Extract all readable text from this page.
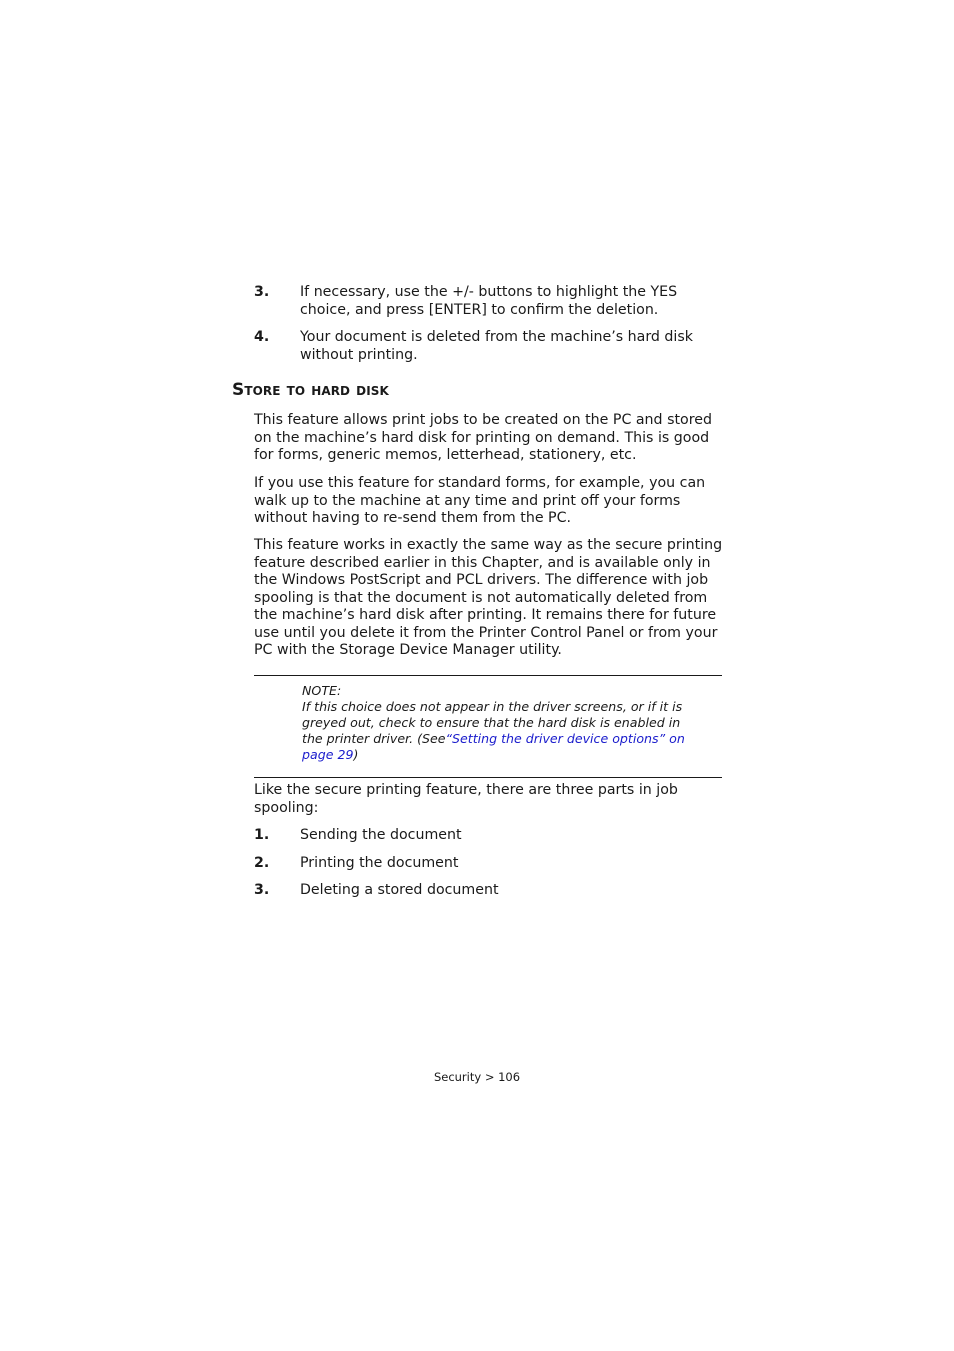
3. If necessary, use the +/- buttons to highlight the YES choice, and press [ENTER] to confirm the deletion.
4. Your document is deleted from the machine’s hard disk without printing.
Store to hard disk

This feature allows print jobs to be created on the PC and stored on the machine’s hard disk for printing on demand. This is good for forms, generic memos, letterhead, stationery, etc.

If you use this feature for standard forms, for example, you can walk up to the machine at any time and print off your forms without having to re-send them from the PC.

This feature works in exactly the same way as the secure printing feature described earlier in this Chapter, and is available only in the Windows PostScript and PCL drivers. The difference with job spooling is that the document is not automatically deleted from the machine’s hard disk after printing. It remains there for future use until you delete it from the Printer Control Panel or from your PC with the Storage Device Manager utility.

NOTE:
If this choice does not appear in the driver screens, or if it is greyed out, check to ensure that the hard disk is enabled in the printer driver. (See“Setting the driver device options” on page 29)

Like the secure printing feature, there are three parts in job spooling:

1. Sending the document
2. Printing the document
3. Deleting a stored document
Security > 106
